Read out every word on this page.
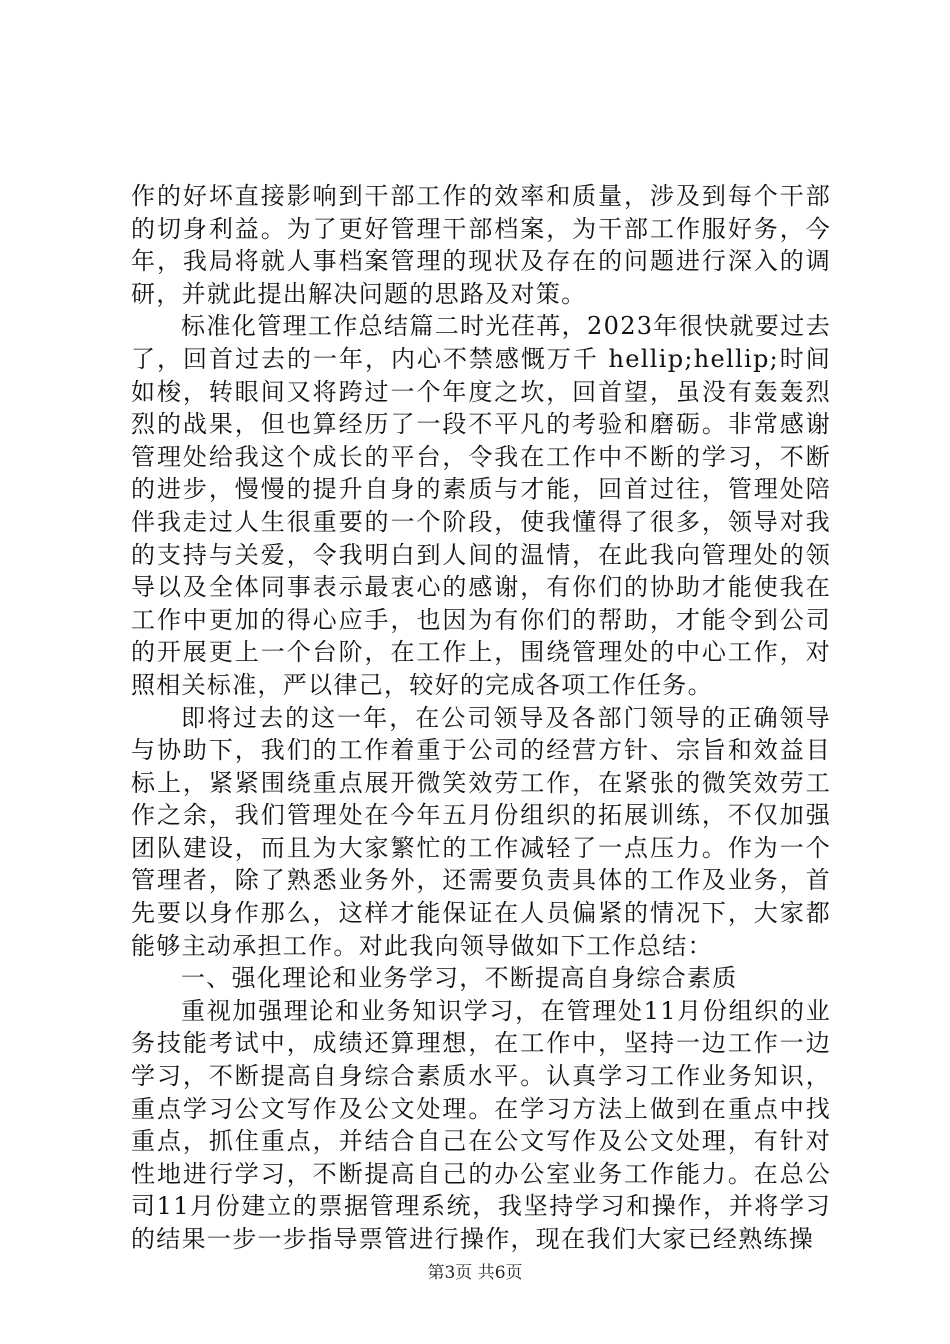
作的好坏直接影响到干部工作的效率和质量，涉及到每个干部的切身利益。为了更好管理干部档案，为干部工作服好务，今年，我局将就人事档案管理的现状及存在的问题进行深入的调研，并就此提出解决问题的思路及对策。

标准化管理工作总结篇二时光荏苒，2023年很快就要过去了，回首过去的一年，内心不禁感慨万千 hellip;hellip;时间如梭，转眼间又将跨过一个年度之坎，回首望，虽没有轰轰烈烈的战果，但也算经历了一段不平凡的考验和磨砺。非常感谢管理处给我这个成长的平台，令我在工作中不断的学习，不断的进步，慢慢的提升自身的素质与才能，回首过往，管理处陪伴我走过人生很重要的一个阶段，使我懂得了很多，领导对我的支持与关爱，令我明白到人间的温情，在此我向管理处的领导以及全体同事表示最衷心的感谢，有你们的协助才能使我在工作中更加的得心应手，也因为有你们的帮助，才能令到公司的开展更上一个台阶，在工作上，围绕管理处的中心工作，对照相关标准，严以律己，较好的完成各项工作任务。

即将过去的这一年，在公司领导及各部门领导的正确领导与协助下，我们的工作着重于公司的经营方针、宗旨和效益目标上，紧紧围绕重点展开微笑效劳工作，在紧张的微笑效劳工作之余，我们管理处在今年五月份组织的拓展训练，不仅加强团队建设，而且为大家繁忙的工作减轻了一点压力。作为一个管理者，除了熟悉业务外，还需要负责具体的工作及业务，首先要以身作那么，这样才能保证在人员偏紧的情况下，大家都能够主动承担工作。对此我向领导做如下工作总结：

一、强化理论和业务学习，不断提高自身综合素质

重视加强理论和业务知识学习，在管理处11月份组织的业务技能考试中，成绩还算理想，在工作中，坚持一边工作一边学习，不断提高自身综合素质水平。认真学习工作业务知识，重点学习公文写作及公文处理。在学习方法上做到在重点中找重点，抓住重点，并结合自己在公文写作及公文处理，有针对性地进行学习，不断提高自己的办公室业务工作能力。在总公司11月份建立的票据管理系统，我坚持学习和操作，并将学习的结果一步一步指导票管进行操作，现在我们大家已经熟练操

第3页 共6页
